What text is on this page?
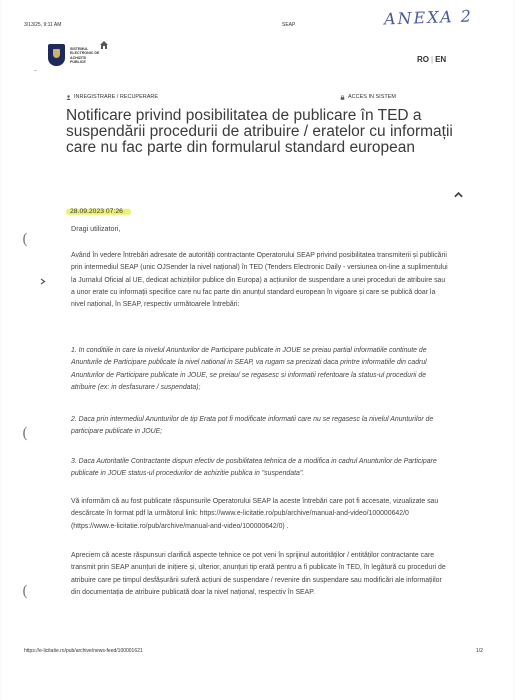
3/13/25, 9:11 AM	SEAP	ANEXA 2
SISTEMUL
ELECTRONIC DE
ACHIZITII
PUBLICE
–
RO | EN
INREGISTRARE / RECUPERARE	ACCES IN SISTEM
Notificare privind posibilitatea de publicare în TED a suspendării procedurii de atribuire / eratelor cu informații care nu fac parte din formularul standard european
28.09.2023 07:26
Dragi utilizatori,

Având în vedere întrebări adresate de autorități contractante Operatorului SEAP privind posibilitatea transmiterii și publicării prin intermediul SEAP (unic OJSender la nivel național) în TED (Tenders Electronic Daily - versiunea on-line a suplimentului la Jurnalul Oficial al UE, dedicat achizițiilor publice din Europa) a acțiunilor de suspendare a unei proceduri de atribuire sau a unor erate cu informații specifice care nu fac parte din anunțul standard european în vigoare și care se publică doar la nivel național, în SEAP, respectiv următoarele întrebări:

1. In conditiile in care la nivelul Anunturilor de Participare publicate in JOUE se preiau partial informatiile continute de Anunturile de Participare publicate la nivel national in SEAP, va rugam sa precizati daca printre informatiile din cadrul Anunturilor de Participare publicate in JOUE, se preiau/ se regasesc si informatii referitoare la status-ul procedurii de atribuire (ex: in desfasurare / suspendata);

2. Daca prin intermediul Anunturilor de tip Erata pot fi modificate informatii care nu se regasesc la nivelul Anunturilor de participare publicate in JOUE;

3. Daca Autoritatile Contractante dispun efectiv de posibilitatea tehnica de a modifica in cadrul Anunturilor de Participare publicate in JOUE status-ul procedurilor de achizitie publica in "suspendata".

Vă informăm că au fost publicate răspunsurile Operatorului SEAP la aceste întrebări care pot fi accesate, vizualizate sau descărcate în format pdf la următorul link: https://www.e-licitatie.ro/pub/archive/manual-and-video/100000642/0 (https://www.e-licitatie.ro/pub/archive/manual-and-video/100000642/0) .

Apreciem că aceste răspunsuri clarifică aspecte tehnice ce pot veni în sprijinul autorităților / entităților contractante care transmit prin SEAP anunțuri de inițiere și, ulterior, anunțuri tip erată pentru a fi publicate în TED, în legătură cu proceduri de atribuire care pe timpul desfășurării suferă acțiuni de suspendare / revenire din suspendare sau modificări ale informațiilor din documentația de atribuire publicată doar la nivel național, respectiv în SEAP.

(
(
(
https://e-licitatie.ro/pub/archive/news-feed/100001621	1/2
